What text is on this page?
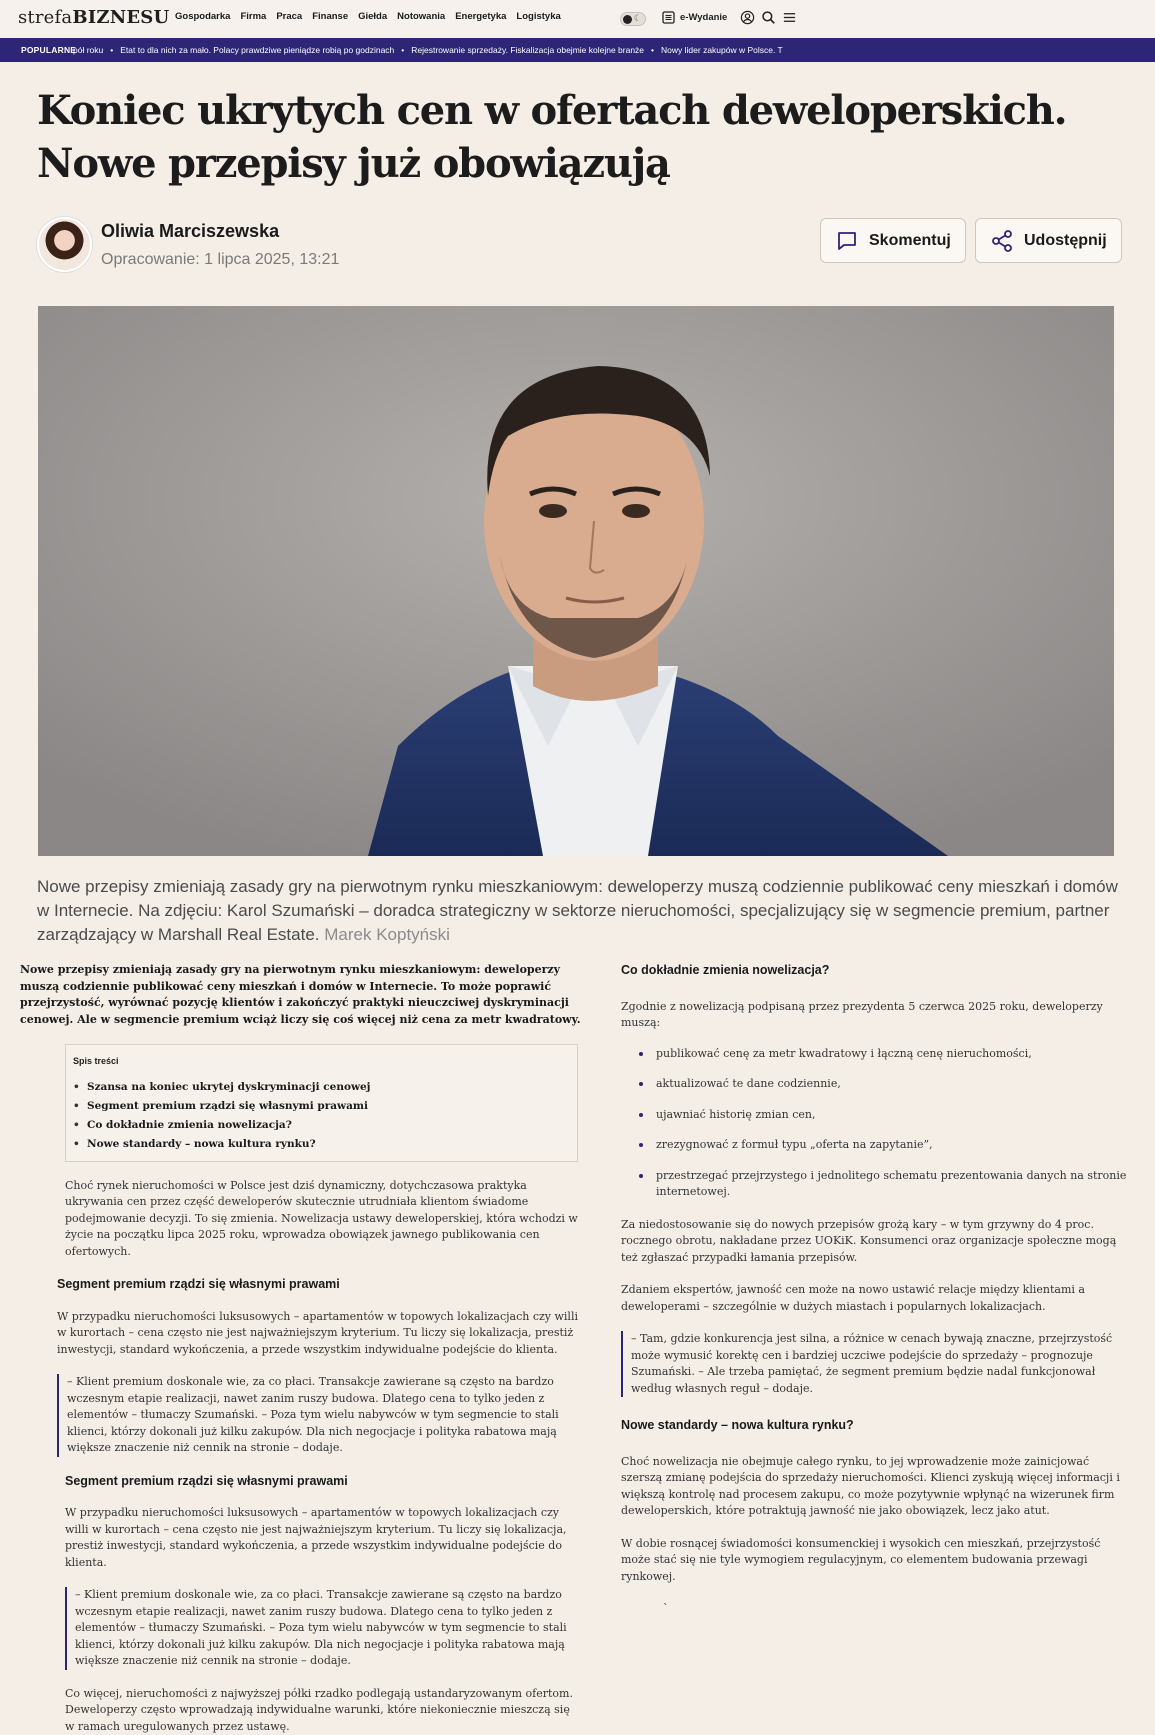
strefaBIZNESU Gospodarka Firma Praca Finanse Giełda Notowania Energetyka Logistyka	☾	e-Wydanie
POPULARNE
pół roku • Etat to dla nich za mało. Polacy prawdziwe pieniądze robią po godzinach • Rejestrowanie sprzedaży. Fiskalizacja obejmie kolejne branże • Nowy lider zakupów w Polsce. T
Koniec ukrytych cen w ofertach deweloperskich.
Nowe przepisy już obowiązują
Oliwia Marciszewska
Opracowanie: 1 lipca 2025, 13:21
Skomentuj	Udostępnij
Nowe przepisy zmieniają zasady gry na pierwotnym rynku mieszkaniowym: deweloperzy muszą codziennie publikować ceny mieszkań i domów w Internecie. Na zdjęciu: Karol Szumański – doradca strategiczny w sektorze nieruchomości, specjalizujący się w segmencie premium, partner zarządzający w Marshall Real Estate. Marek Koptyński

Nowe przepisy zmieniają zasady gry na pierwotnym rynku mieszkaniowym: deweloperzy muszą codziennie publikować ceny mieszkań i domów w Internecie. To może poprawić przejrzystość, wyrównać pozycję klientów i zakończyć praktyki nieuczciwej dyskryminacji cenowej. Ale w segmencie premium wciąż liczy się coś więcej niż cena za metr kwadratowy.

Spis treści
• Szansa na koniec ukrytej dyskryminacji cenowej
• Segment premium rządzi się własnymi prawami
• Co dokładnie zmienia nowelizacja?
• Nowe standardy – nowa kultura rynku?

Choć rynek nieruchomości w Polsce jest dziś dynamiczny, dotychczasowa praktyka ukrywania cen przez część deweloperów skutecznie utrudniała klientom świadome podejmowanie decyzji. To się zmienia. Nowelizacja ustawy deweloperskiej, która wchodzi w życie na początku lipca 2025 roku, wprowadza obowiązek jawnego publikowania cen ofertowych.

Segment premium rządzi się własnymi prawami

W przypadku nieruchomości luksusowych – apartamentów w topowych lokalizacjach czy willi w kurortach – cena często nie jest najważniejszym kryterium. Tu liczy się lokalizacja, prestiż inwestycji, standard wykończenia, a przede wszystkim indywidualne podejście do klienta.

– Klient premium doskonale wie, za co płaci. Transakcje zawierane są często na bardzo wczesnym etapie realizacji, nawet zanim ruszy budowa. Dlatego cena to tylko jeden z elementów – tłumaczy Szumański. – Poza tym wielu nabywców w tym segmencie to stali klienci, którzy dokonali już kilku zakupów. Dla nich negocjacje i polityka rabatowa mają większe znaczenie niż cennik na stronie – dodaje.

Segment premium rządzi się własnymi prawami

W przypadku nieruchomości luksusowych – apartamentów w topowych lokalizacjach czy willi w kurortach – cena często nie jest najważniejszym kryterium. Tu liczy się lokalizacja, prestiż inwestycji, standard wykończenia, a przede wszystkim indywidualne podejście do klienta.

– Klient premium doskonale wie, za co płaci. Transakcje zawierane są często na bardzo wczesnym etapie realizacji, nawet zanim ruszy budowa. Dlatego cena to tylko jeden z elementów – tłumaczy Szumański. – Poza tym wielu nabywców w tym segmencie to stali klienci, którzy dokonali już kilku zakupów. Dla nich negocjacje i polityka rabatowa mają większe znaczenie niż cennik na stronie – dodaje.

Co więcej, nieruchomości z najwyższej półki rzadko podlegają ustandaryzowanym ofertom. Deweloperzy często wprowadzają indywidualne warunki, które niekoniecznie mieszczą się w ramach uregulowanych przez ustawę.

Co dokładnie zmienia nowelizacja?

Zgodnie z nowelizacją podpisaną przez prezydenta 5 czerwca 2025 roku, deweloperzy muszą:

publikować cenę za metr kwadratowy i łączną cenę nieruchomości,
aktualizować te dane codziennie,
ujawniać historię zmian cen,
zrezygnować z formuł typu „oferta na zapytanie”,
przestrzegać przejrzystego i jednolitego schematu prezentowania danych na stronie internetowej.

Za niedostosowanie się do nowych przepisów grożą kary – w tym grzywny do 4 proc. rocznego obrotu, nakładane przez UOKiK. Konsumenci oraz organizacje społeczne mogą też zgłaszać przypadki łamania przepisów.

Zdaniem ekspertów, jawność cen może na nowo ustawić relacje między klientami a deweloperami – szczególnie w dużych miastach i popularnych lokalizacjach.

– Tam, gdzie konkurencja jest silna, a różnice w cenach bywają znaczne, przejrzystość może wymusić korektę cen i bardziej uczciwe podejście do sprzedaży – prognozuje Szumański. – Ale trzeba pamiętać, że segment premium będzie nadal funkcjonował według własnych reguł – dodaje.

Nowe standardy – nowa kultura rynku?

Choć nowelizacja nie obejmuje całego rynku, to jej wprowadzenie może zainicjować szerszą zmianę podejścia do sprzedaży nieruchomości. Klienci zyskują więcej informacji i większą kontrolę nad procesem zakupu, co może pozytywnie wpłynąć na wizerunek firm deweloperskich, które potraktują jawność nie jako obowiązek, lecz jako atut.

W dobie rosnącej świadomości konsumenckiej i wysokich cen mieszkań, przejrzystość może stać się nie tyle wymogiem regulacyjnym, co elementem budowania przewagi rynkowej.

`
